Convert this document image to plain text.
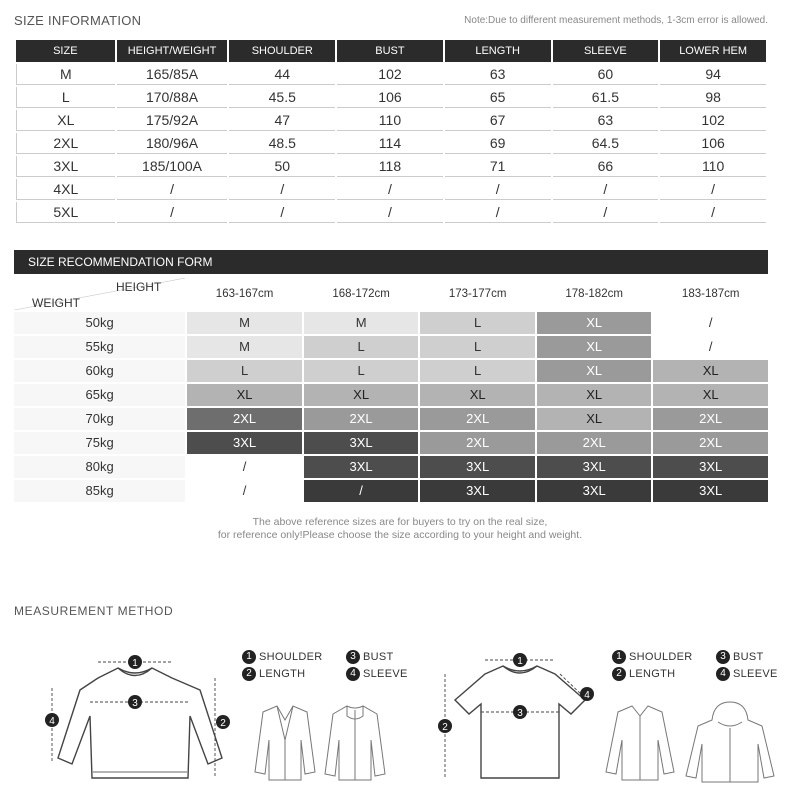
SIZE INFORMATION	Note:Due to different measurement methods, 1-3cm error is allowed.
SIZE	HEIGHT/WEIGHT	SHOULDER	BUST	LENGTH	SLEEVE	LOWER HEM
M	165/85A	44	102	63	60	94
L	170/88A	45.5	106	65	61.5	98
XL	175/92A	47	110	67	63	102
2XL	180/96A	48.5	114	69	64.5	106
3XL	185/100A	50	118	71	66	110
4XL	/	/	/	/	/	/
5XL	/	/	/	/	/	/
SIZE RECOMMENDATION FORM
HEIGHT
WEIGHT
163-167cm	168-172cm	173-177cm	178-182cm	183-187cm
50kg	M	M	L	XL	/
55kg	M	L	L	XL	/
60kg	L	L	L	XL	XL
65kg	XL	XL	XL	XL	XL
70kg	2XL	2XL	2XL	XL	2XL
75kg	3XL	3XL	2XL	2XL	2XL
80kg	/	3XL	3XL	3XL	3XL
85kg	/	/	3XL	3XL	3XL
The above reference sizes are for buyers to try on the real size,
for reference only!Please choose the size according to your height and weight.
MEASUREMENT METHOD
1 SHOULDER	3 BUST
2 LENGTH	4 SLEEVE
1 SHOULDER	3 BUST
2 LENGTH	4 SLEEVE
1
3
2
4
1
3
2
4
